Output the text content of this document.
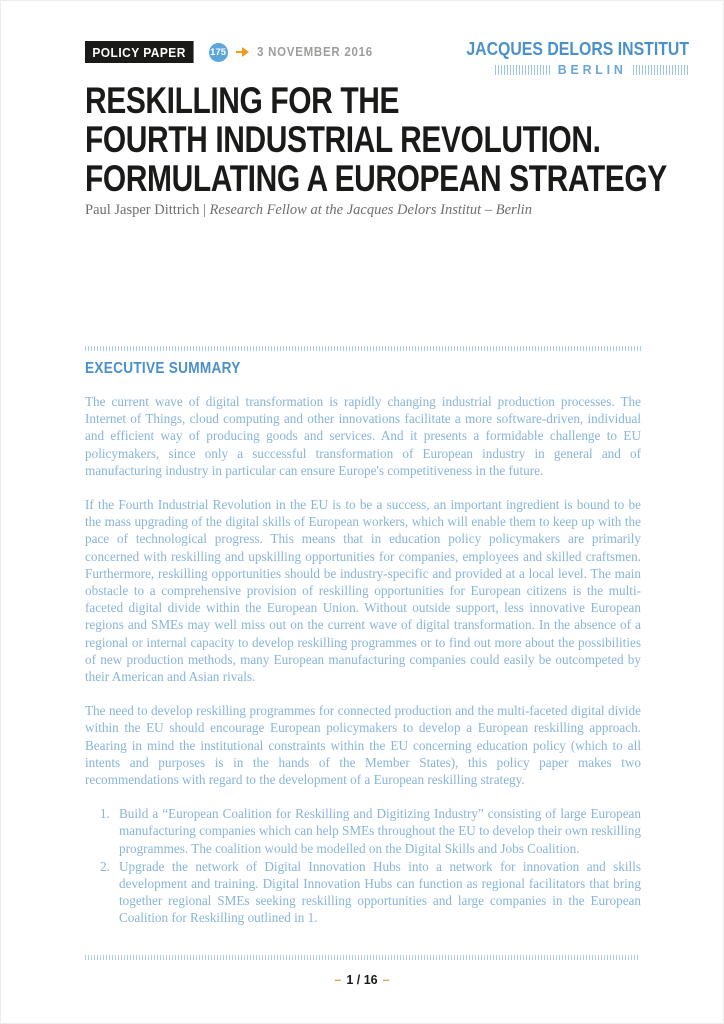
POLICY PAPER	175 3 NOVEMBER 2016	JACQUES DELORS INSTITUT
BERLIN
RESKILLING FOR THE
FOURTH INDUSTRIAL REVOLUTION.
FORMULATING A EUROPEAN STRATEGY
Paul Jasper Dittrich | Research Fellow at the Jacques Delors Institut – Berlin
EXECUTIVE SUMMARY

The current wave of digital transformation is rapidly changing industrial production processes. The Internet of Things, cloud computing and other innovations facilitate a more software-driven, individual and efficient way of producing goods and services. And it presents a formidable challenge to EU policymakers, since only a successful transformation of European industry in general and of manufacturing industry in particular can ensure Europe's competitiveness in the future.

If the Fourth Industrial Revolution in the EU is to be a success, an important ingredient is bound to be the mass upgrading of the digital skills of European workers, which will enable them to keep up with the pace of technological progress. This means that in education policy policymakers are primarily concerned with reskilling and upskilling opportunities for companies, employees and skilled craftsmen. Furthermore, reskilling opportunities should be industry-specific and provided at a local level. The main obstacle to a comprehensive provision of reskilling opportunities for European citizens is the multi-faceted digital divide within the European Union. Without outside support, less innovative European regions and SMEs may well miss out on the current wave of digital transformation. In the absence of a regional or internal capacity to develop reskilling programmes or to find out more about the possibilities of new production methods, many European manufacturing companies could easily be outcompeted by their American and Asian rivals.

The need to develop reskilling programmes for connected production and the multi-faceted digital divide within the EU should encourage European policymakers to develop a European reskilling approach. Bearing in mind the institutional constraints within the EU concerning education policy (which to all intents and purposes is in the hands of the Member States), this policy paper makes two recommendations with regard to the development of a European reskilling strategy.

1. Build a “European Coalition for Reskilling and Digitizing Industry” consisting of large European manufacturing companies which can help SMEs throughout the EU to develop their own reskilling programmes. The coalition would be modelled on the Digital Skills and Jobs Coalition.
2. Upgrade the network of Digital Innovation Hubs into a network for innovation and skills development and training. Digital Innovation Hubs can function as regional facilitators that bring together regional SMEs seeking reskilling opportunities and large companies in the European Coalition for Reskilling outlined in 1.
– 1 / 16 –
